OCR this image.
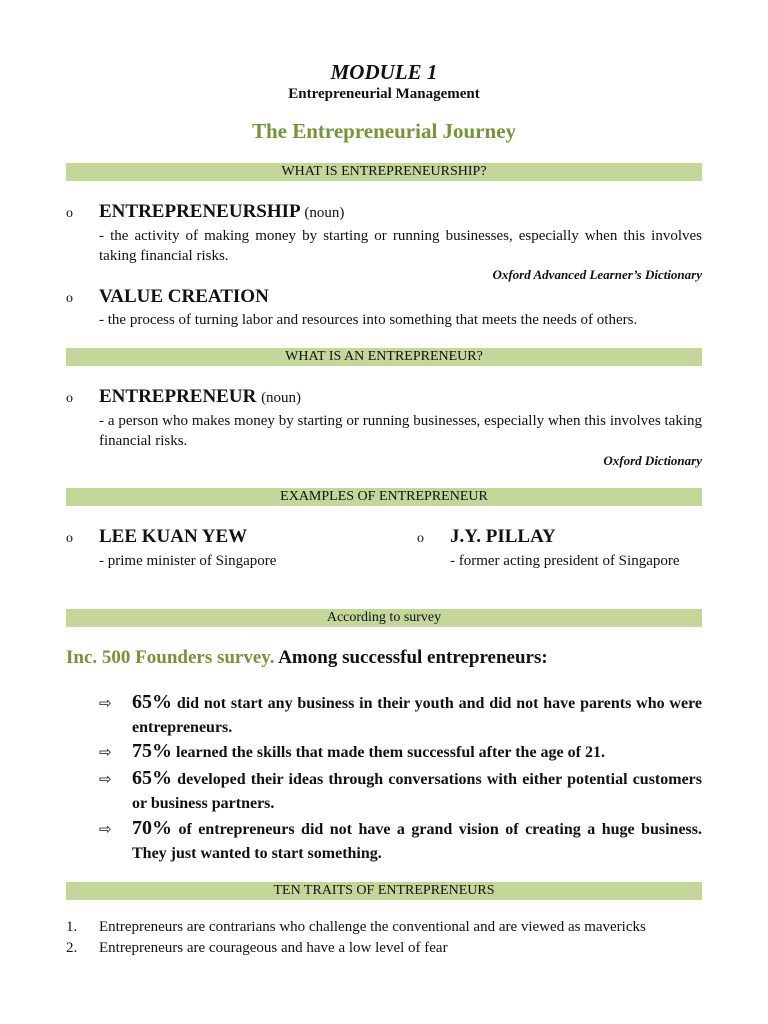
MODULE 1
Entrepreneurial Management
The Entrepreneurial Journey
WHAT IS ENTREPRENEURSHIP?
o ENTREPRENEURSHIP (noun)
- the activity of making money by starting or running businesses, especially when this involves taking financial risks.
Oxford Advanced Learner’s Dictionary
o VALUE CREATION
- the process of turning labor and resources into something that meets the needs of others.
WHAT IS AN ENTREPRENEUR?
o ENTREPRENEUR (noun)
- a person who makes money by starting or running businesses, especially when this involves taking financial risks.
Oxford Dictionary
EXAMPLES OF ENTREPRENEUR
o LEE KUAN YEW
- prime minister of Singapore
o J.Y. PILLAY
- former acting president of Singapore
According to survey
Inc. 500 Founders survey. Among successful entrepreneurs:
⇨ 65% did not start any business in their youth and did not have parents who were entrepreneurs.
⇨ 75% learned the skills that made them successful after the age of 21.
⇨ 65% developed their ideas through conversations with either potential customers or business partners.
⇨ 70% of entrepreneurs did not have a grand vision of creating a huge business. They just wanted to start something.
TEN TRAITS OF ENTREPRENEURS
1. Entrepreneurs are contrarians who challenge the conventional and are viewed as mavericks
2. Entrepreneurs are courageous and have a low level of fear
